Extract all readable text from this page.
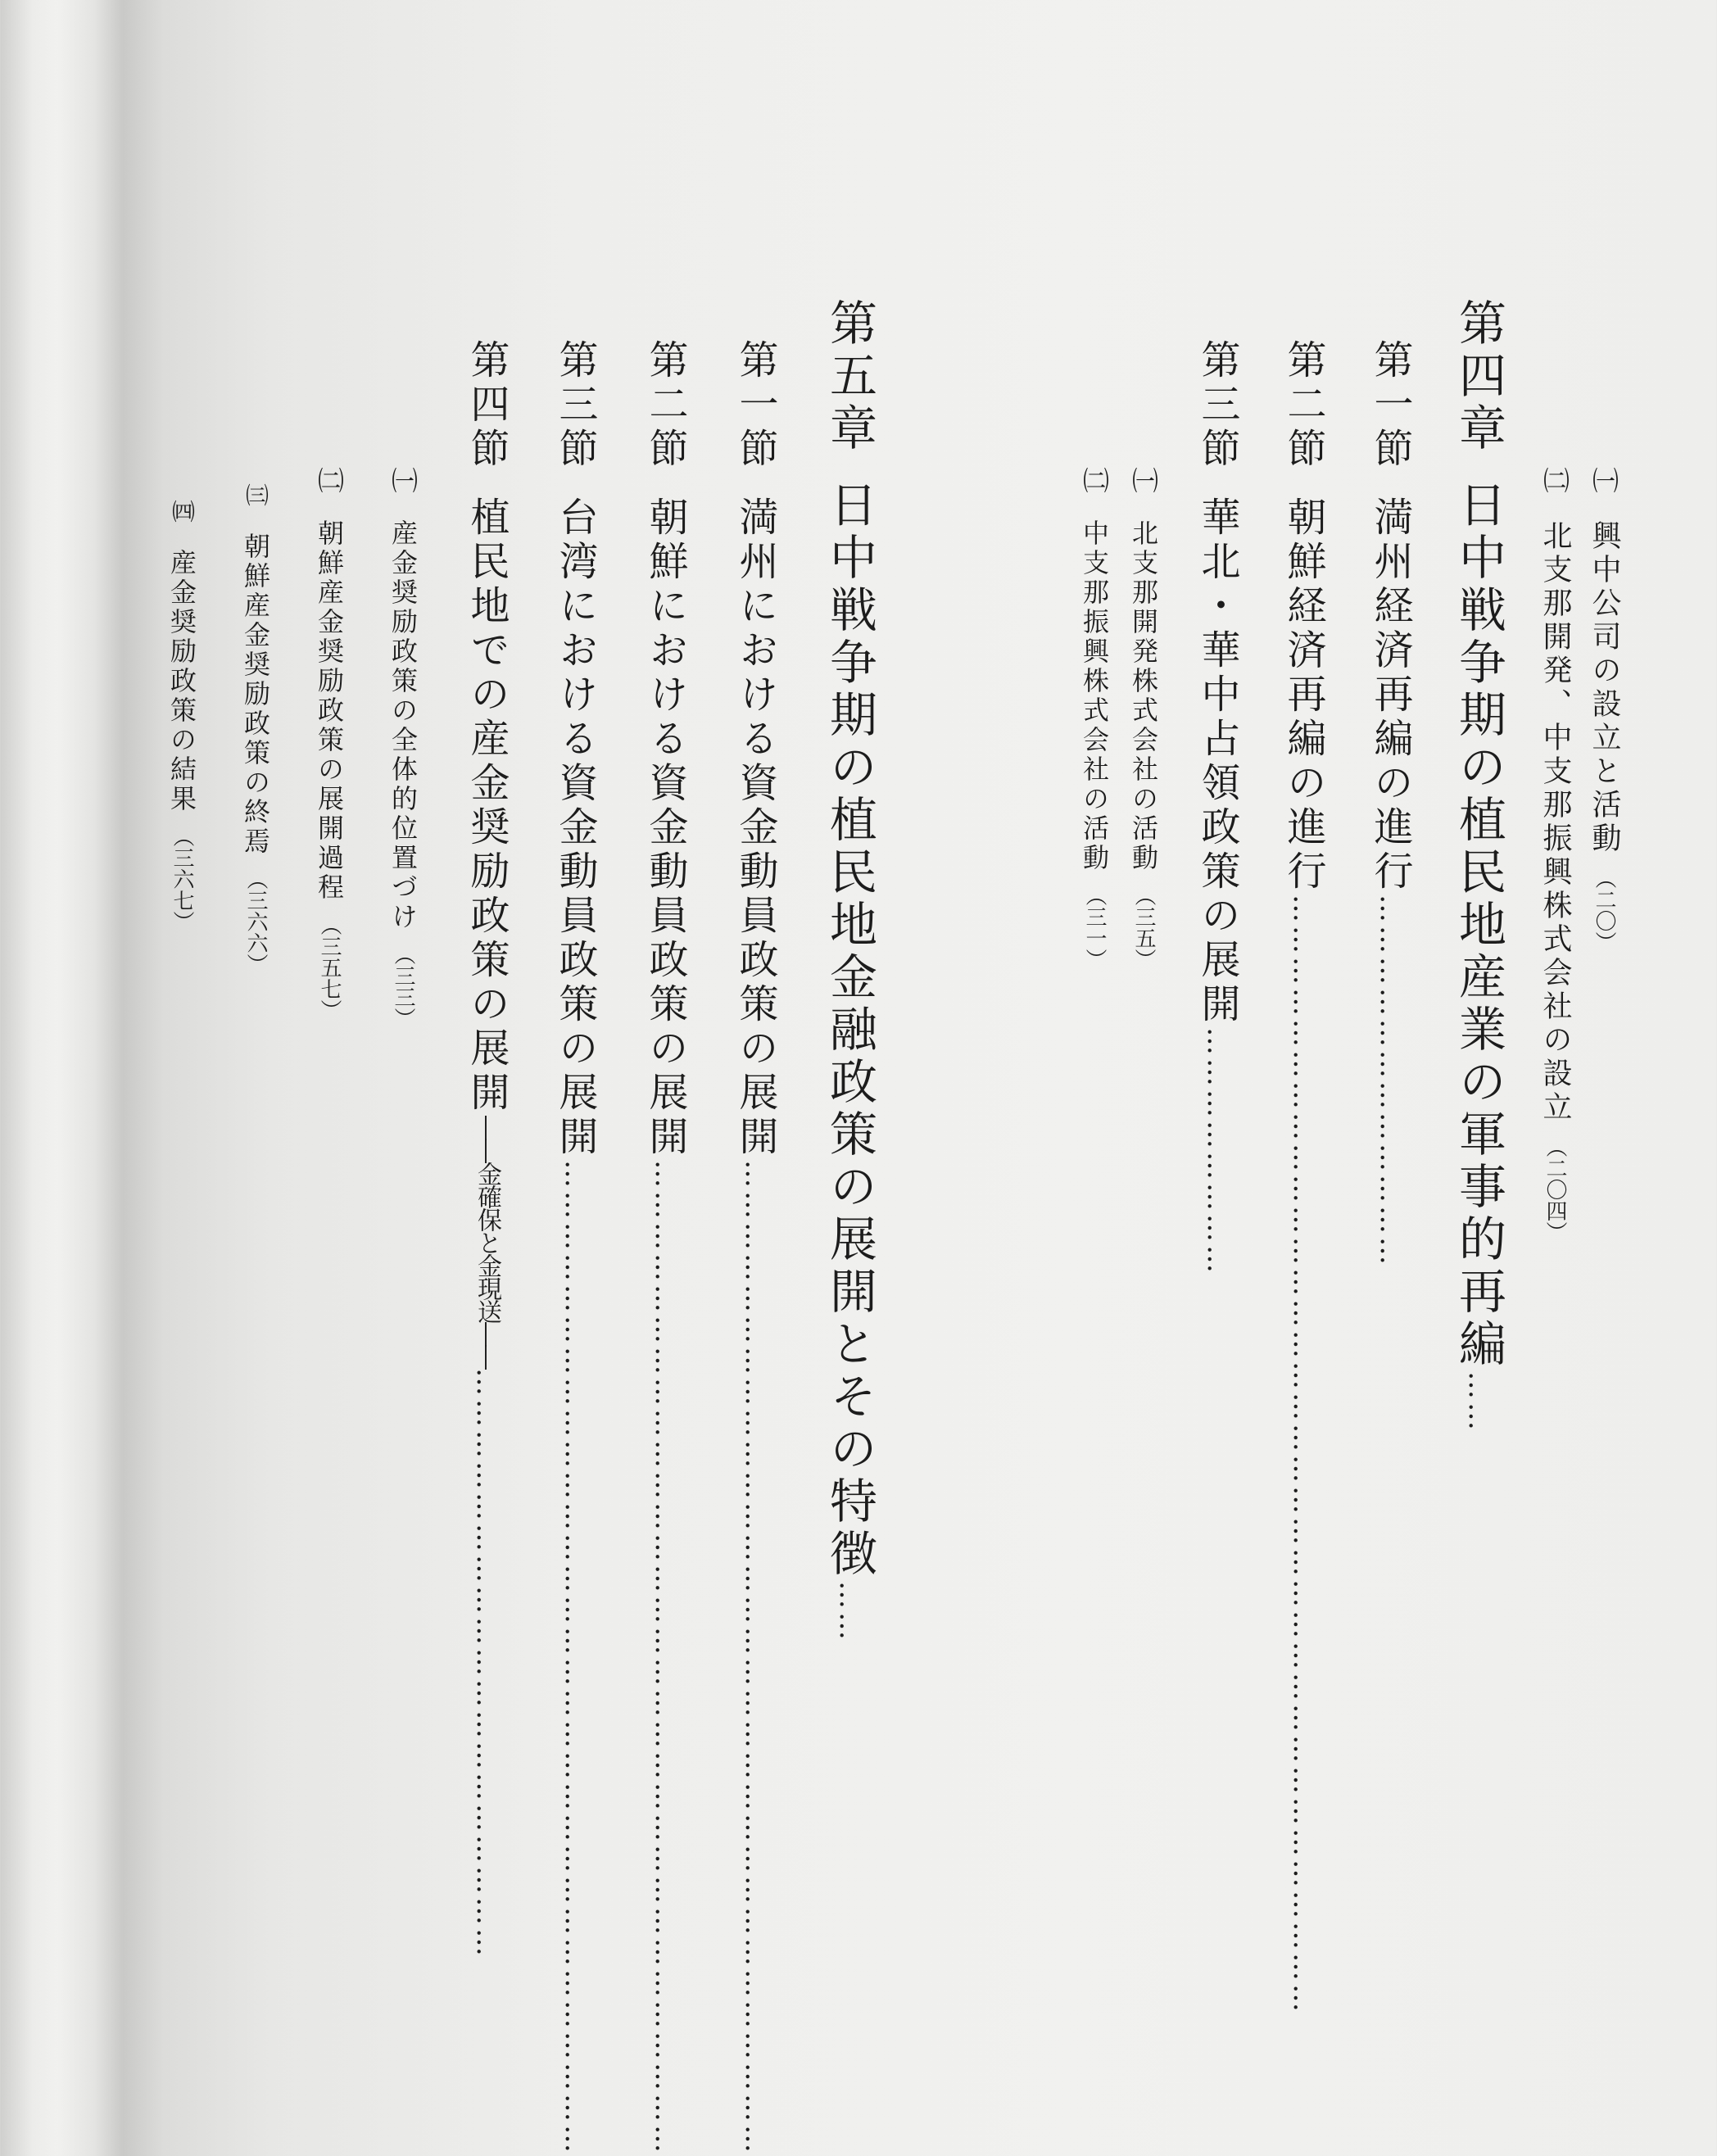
㈠興中公司の設立と活動（二〇）
㈡北支那開発、中支那振興株式会社の設立（二〇四）
第四章日中戦争期の植民地産業の軍事的再編……
第一節満州経済再編の進行………………………………
第二節朝鮮経済再編の進行………………………………………………………………………………………………
第三節華北・華中占領政策の展開……………………
㈠北支那開発株式会社の活動（三五）
㈡中支那振興株式会社の活動（三一）
第五章日中戦争期の植民地金融政策の展開とその特徴……
第一節満州における資金動員政策の展開……………………………………………………………………………………
第二節朝鮮における資金動員政策の展開……………………………………………………………………………………
第三節台湾における資金動員政策の展開……………………………………………………………………………………
第四節植民地での産金奨励政策の展開――金確保と金現送――…………………………………………………
㈠産金奨励政策の全体的位置づけ（三三）
㈡朝鮮産金奨励政策の展開過程（三五七）
㈢朝鮮産金奨励政策の終焉（三六六）
㈣産金奨励政策の結果（三六七）
